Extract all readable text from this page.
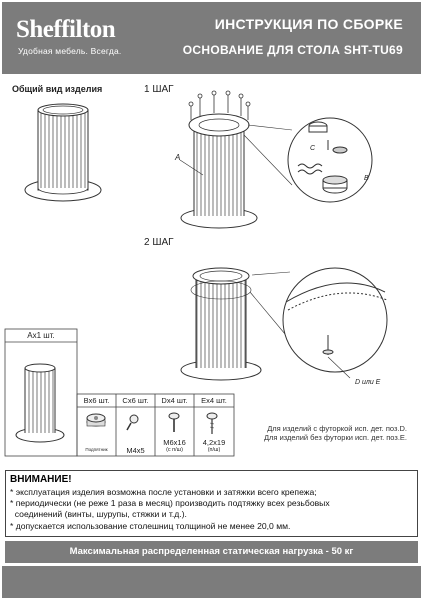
Sheffilton
Удобная мебель. Всегда.
ИНСТРУКЦИЯ ПО СБОРКЕ
ОСНОВАНИЕ ДЛЯ СТОЛА SHT-TU69
Общий вид изделия	1 ШАГ
2 ШАГ
A
C
B
D или E
Ax1 шт.
Bx6 шт.
Подпятник
Cx6 шт.
M4x5
Dx4 шт.
M6x16
(с п/ш)
Ex4 шт.
4,2x19
(п/ш)
Для изделий с футоркой исп. дет. поз.D.
Для изделий без футорки исп. дет. поз.E.
ВНИМАНИЕ!
* эксплуатация изделия возможна после установки и затяжки всего крепежа;
* периодически (не реже 1 раза в месяц) производить подтяжку всех резьбовых
соединений (винты, шурупы, стяжки и т.д.).
* допускается использование столешниц толщиной не менее 20,0 мм.
Максимальная распределенная статическая нагрузка - 50 кг
